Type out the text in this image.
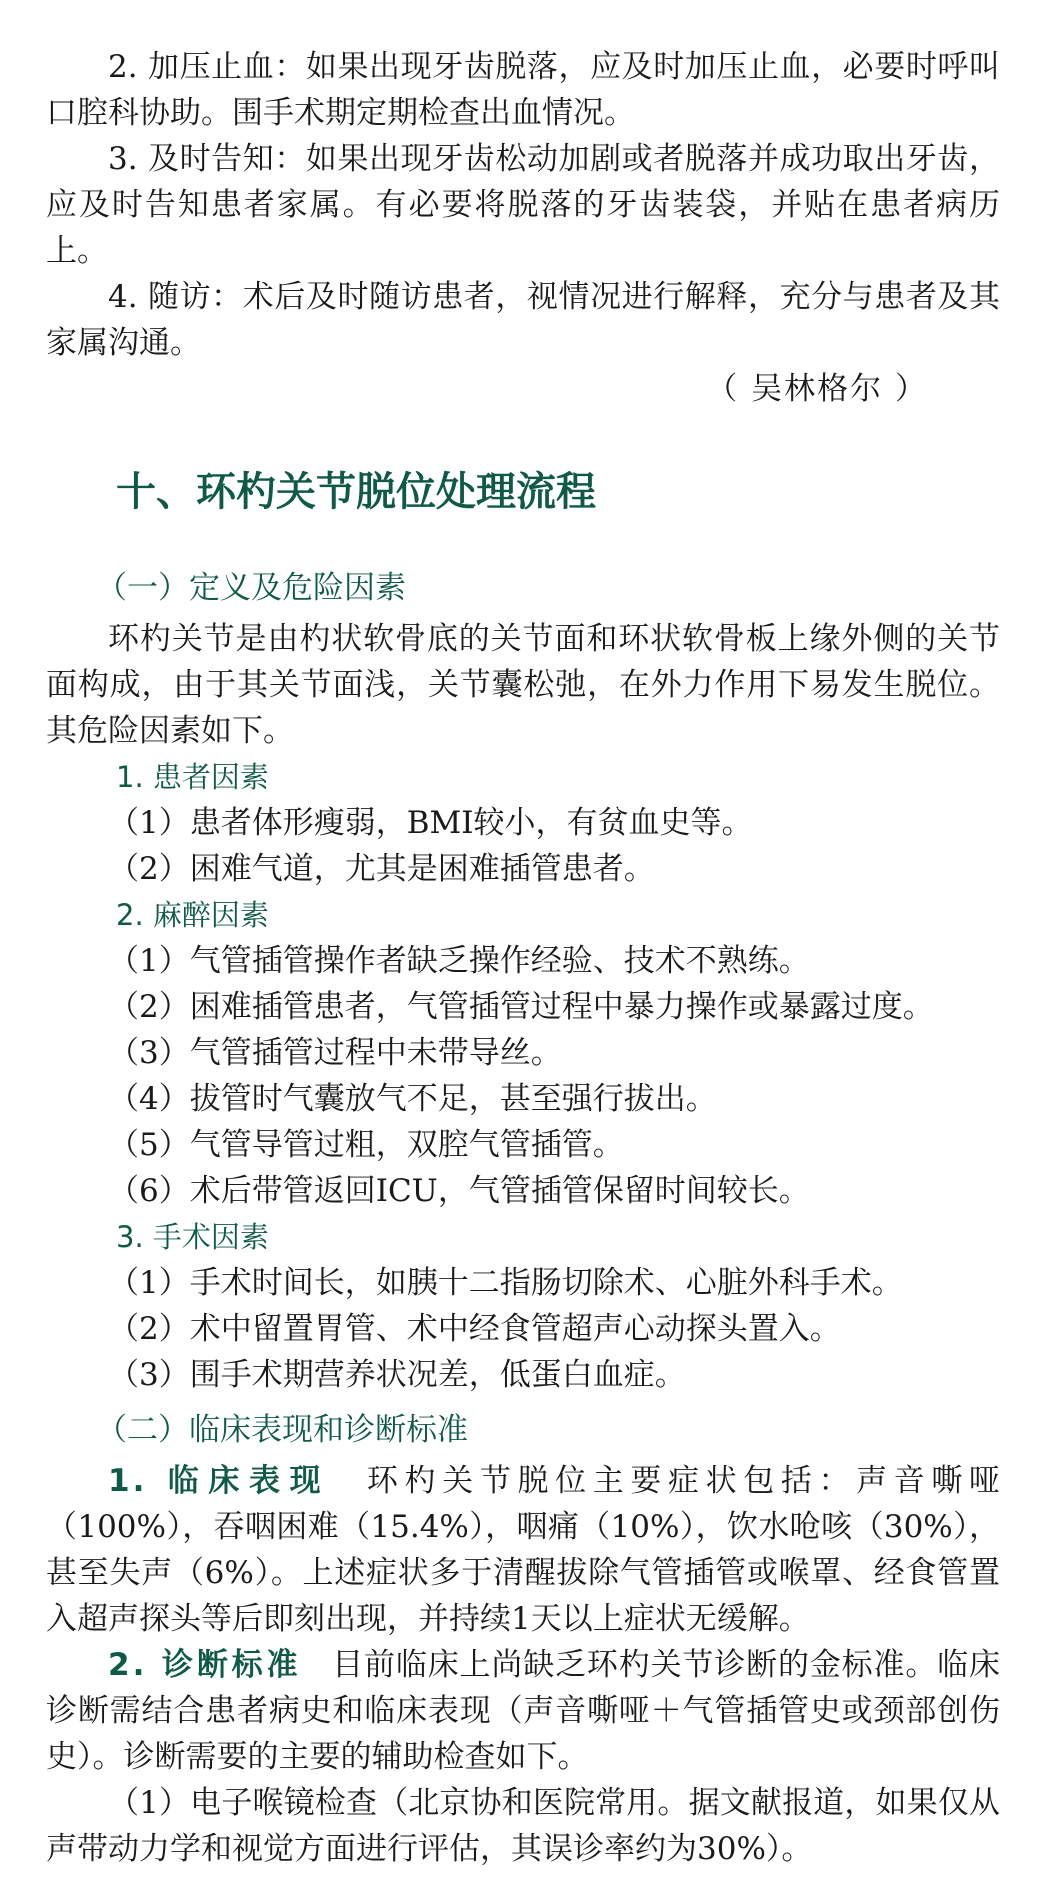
2. 加压止血：如果出现牙齿脱落，应及时加压止血，必要时呼叫口腔科协助。围手术期定期检查出血情况。

3. 及时告知：如果出现牙齿松动加剧或者脱落并成功取出牙齿，应及时告知患者家属。有必要将脱落的牙齿装袋，并贴在患者病历上。

4. 随访：术后及时随访患者，视情况进行解释，充分与患者及其家属沟通。

（ 吴林格尔 ）

十、环杓关节脱位处理流程
（一）定义及危险因素

环杓关节是由杓状软骨底的关节面和环状软骨板上缘外侧的关节面构成，由于其关节面浅，关节囊松弛，在外力作用下易发生脱位。其危险因素如下。

1. 患者因素

（1）患者体形瘦弱，BMI较小，有贫血史等。

（2）困难气道，尤其是困难插管患者。

2. 麻醉因素

（1）气管插管操作者缺乏操作经验、技术不熟练。

（2）困难插管患者，气管插管过程中暴力操作或暴露过度。

（3）气管插管过程中未带导丝。

（4）拔管时气囊放气不足，甚至强行拔出。

（5）气管导管过粗，双腔气管插管。

（6）术后带管返回ICU，气管插管保留时间较长。

3. 手术因素

（1）手术时间长，如胰十二指肠切除术、心脏外科手术。

（2）术中留置胃管、术中经食管超声心动探头置入。

（3）围手术期营养状况差，低蛋白血症。

（二）临床表现和诊断标准

1. 临床表现 环杓关节脱位主要症状包括：声音嘶哑（100%），吞咽困难（15.4%），咽痛（10%），饮水呛咳（30%），甚至失声（6%）。上述症状多于清醒拔除气管插管或喉罩、经食管置入超声探头等后即刻出现，并持续1天以上症状无缓解。

2. 诊断标准 目前临床上尚缺乏环杓关节诊断的金标准。临床诊断需结合患者病史和临床表现（声音嘶哑＋气管插管史或颈部创伤史）。诊断需要的主要的辅助检查如下。

（1）电子喉镜检查（北京协和医院常用。据文献报道，如果仅从声带动力学和视觉方面进行评估，其误诊率约为30%）。
